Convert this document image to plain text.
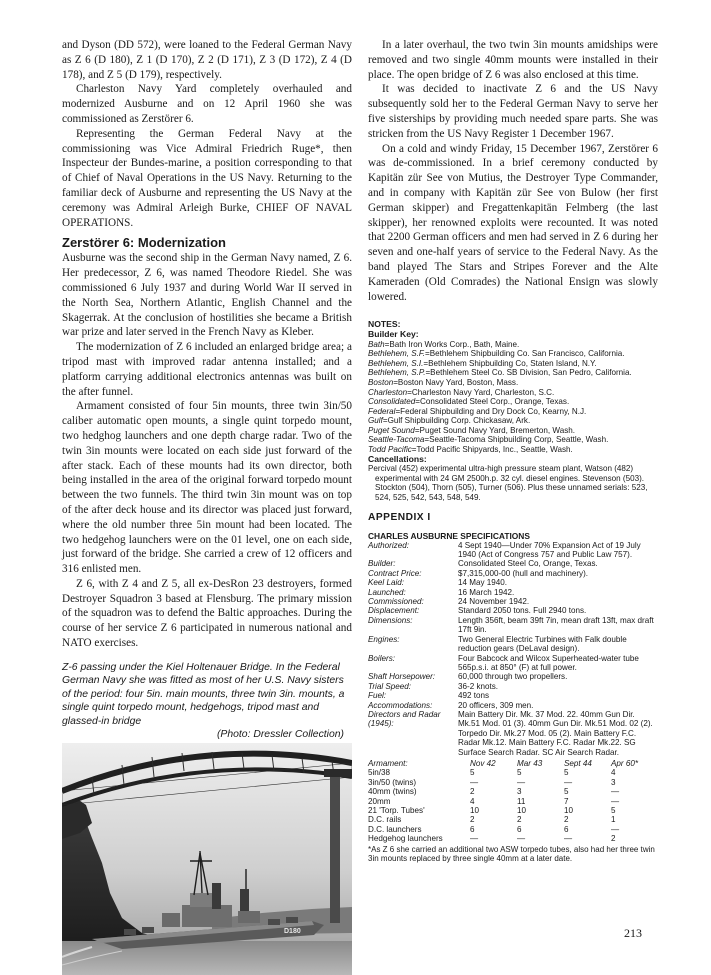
and Dyson (DD 572), were loaned to the Federal German Navy as Z 6 (D 180), Z 1 (D 170), Z 2 (D 171), Z 3 (D 172), Z 4 (D 178), and Z 5 (D 179), respectively.

Charleston Navy Yard completely overhauled and modernized Ausburne and on 12 April 1960 she was commissioned as Zerstörer 6.

Representing the German Federal Navy at the commissioning was Vice Admiral Friedrich Ruge*, then Inspecteur der Bundes-marine, a position corresponding to that of Chief of Naval Operations in the US Navy. Returning to the familiar deck of Ausburne and representing the US Navy at the ceremony was Admiral Arleigh Burke, CHIEF OF NAVAL OPERATIONS.

Zerstörer 6: Modernization

Ausburne was the second ship in the German Navy named, Z 6. Her predecessor, Z 6, was named Theodore Riedel. She was commissioned 6 July 1937 and during World War II served in the North Sea, Northern Atlantic, English Channel and the Skagerrak. At the conclusion of hostilities she became a British war prize and later served in the French Navy as Kleber.

The modernization of Z 6 included an enlarged bridge area; a tripod mast with improved radar antenna installed; and a platform carrying additional electronics antennas was built on the after funnel.

Armament consisted of four 5in mounts, three twin 3in/50 caliber automatic open mounts, a single quint torpedo mount, two hedghog launchers and one depth charge radar. Two of the twin 3in mounts were located on each side just forward of the after stack. Each of these mounts had its own director, both being installed in the area of the original forward torpedo mount between the two funnels. The third twin 3in mount was on top of the after deck house and its director was placed just forward, where the old number three 5in mount had been located. The two hedgehog launchers were on the 01 level, one on each side, just forward of the bridge. She carried a crew of 12 officers and 316 enlisted men.

Z 6, with Z 4 and Z 5, all ex-DesRon 23 destroyers, formed Destroyer Squadron 3 based at Flensburg. The primary mission of the squadron was to defend the Baltic approaches. During the course of her service Z 6 participated in numerous national and NATO exercises.

Z-6 passing under the Kiel Holtenauer Bridge. In the Federal German Navy she was fitted as most of her U.S. Navy sisters of the period: four 5in. main mounts, three twin 3in. mounts, a single quint torpedo mount, hedgehogs, tripod mast and glassed-in bridge
(Photo: Dressler Collection)
D180

In a later overhaul, the two twin 3in mounts amidships were removed and two single 40mm mounts were installed in their place. The open bridge of Z 6 was also enclosed at this time.

It was decided to inactivate Z 6 and the US Navy subsequently sold her to the Federal German Navy to serve her five sisterships by providing much needed spare parts. She was stricken from the US Navy Register 1 December 1967.

On a cold and windy Friday, 15 December 1967, Zerstörer 6 was de-commissioned. In a brief ceremony conducted by Kapitän zür See von Mutius, the Destroyer Type Commander, and in company with Kapitän zür See von Bulow (her first German skipper) and Fregattenkapitän Felmberg (the last skipper), her renowned exploits were recounted. It was noted that 2200 German officers and men had served in Z 6 during her seven and one-half years of service to the Federal Navy. As the band played The Stars and Stripes Forever and the Alte Kameraden (Old Comrades) the National Ensign was slowly lowered.

NOTES:
Builder Key:
Bath=Bath Iron Works Corp., Bath, Maine.
Bethlehem, S.F.=Bethlehem Shipbuilding Co. San Francisco, California.
Bethlehem, S.I.=Bethlehem Shipbuilding Co, Staten Island, N.Y.
Bethlehem, S.P.=Bethlehem Steel Co. SB Division, San Pedro, California.
Boston=Boston Navy Yard, Boston, Mass.
Charleston=Charleston Navy Yard, Charleston, S.C.
Consolidated=Consolidated Steel Corp., Orange, Texas.
Federal=Federal Shipbuilding and Dry Dock Co, Kearny, N.J.
Gulf=Gulf Shipbuilding Corp. Chickasaw, Ark.
Puget Sound=Puget Sound Navy Yard, Bremerton, Wash.
Seattle-Tacoma=Seattle-Tacoma Shipbuilding Corp, Seattle, Wash.
Todd Pacific=Todd Pacific Shipyards, Inc., Seattle, Wash.
Cancellations:

Percival (452) experimental ultra-high pressure steam plant, Watson (482) experimental with 24 GM 2500h.p. 32 cyl. diesel engines. Stevenson (503). Stockton (504), Thorn (505), Turner (506). Plus these unnamed serials: 523, 524, 525, 542, 543, 548, 549.

APPENDIX I
CHARLES AUSBURNE SPECIFICATIONS
Authorized:	4 Sept 1940—Under 70% Expansion Act of 19 July 1940 (Act of Congress 757 and Public Law 757).
Builder:	Consolidated Steel Co, Orange, Texas.
Contract Price:	$7,315,000-00 (hull and machinery).
Keel Laid:	14 May 1940.
Launched:	16 March 1942.
Commissioned:	24 November 1942.
Displacement:	Standard 2050 tons. Full 2940 tons.
Dimensions:	Length 356ft, beam 39ft 7in, mean draft 13ft, max draft 17ft 9in.
Engines:	Two General Electric Turbines with Falk double reduction gears (DeLaval design).
Boilers:	Four Babcock and Wilcox Superheated-water tube 565p.s.i. at 850° (F) at full power.
Shaft Horsepower:	60,000 through two propellers.
Trial Speed:	36-2 knots.
Fuel:	492 tons
Accommodations:	20 officers, 309 men.
Directors and Radar (1945):	Main Battery Dir. Mk. 37 Mod. 22. 40mm Gun Dir. Mk.51 Mod. 01 (3). 40mm Gun Dir. Mk.51 Mod. 02 (2). Torpedo Dir. Mk.27 Mod. 05 (2). Main Battery F.C. Radar Mk.12. Main Battery F.C. Radar Mk.22. SG Surface Search Radar. SC Air Search Radar.
Armament:	Nov 42	Mar 43	Sept 44	Apr 60*
5in/38	5	5	5	4
3in/50 (twins)	—	—	—	3
40mm (twins)	2	3	5	—
20mm	4	11	7	—
21 'Torp. Tubes'	10	10	10	5
D.C. rails	2	2	2	1
D.C. launchers	6	6	6	—
Hedgehog launchers	—	—	—	2
*As Z 6 she carried an additional two ASW torpedo tubes, also had her three twin 3in mounts replaced by three single 40mm at a later date.
213
